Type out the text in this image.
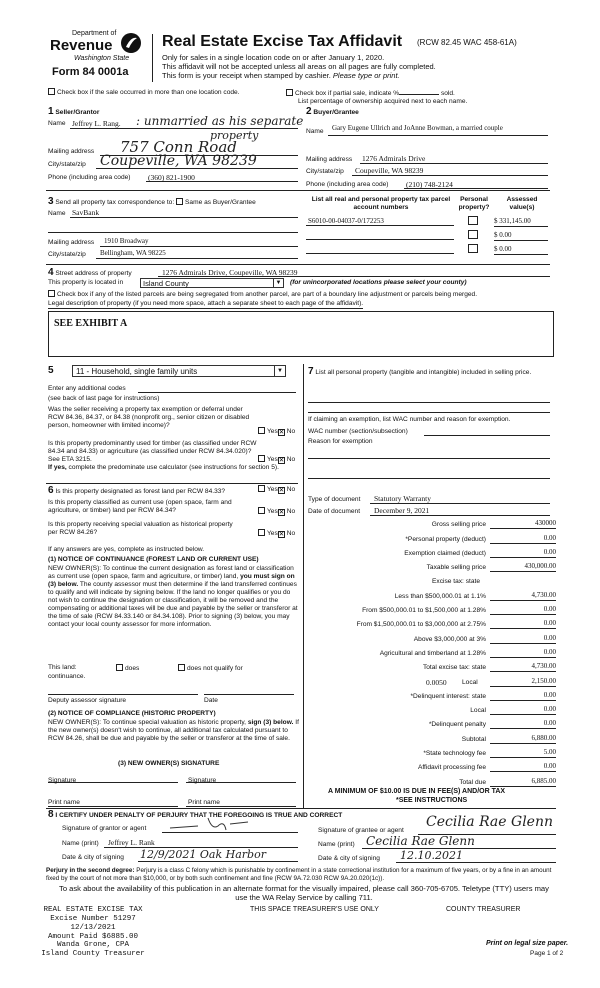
Department of
Revenue
Washington State
Form 84 0001a
Real Estate Excise Tax Affidavit (RCW 82.45 WAC 458-61A)
Only for sales in a single location code on or after January 1, 2020.
This affidavit will not be accepted unless all areas on all pages are fully completed.
This form is your receipt when stamped by cashier. Please type or print.
Check box if the sale occurred in more than one location code.	Check box if partial sale, indicate %	sold.
List percentage of ownership acquired next to each name.
1 Seller/Grantor
Name Jeffrey L. Rang. : unmarried as his separate
property
Mailing address 757 Conn Road
City/state/zip Coupeville, WA 98239
Phone (including area code) (360) 821-1900
2 Buyer/Grantee
Name Gary Eugene Ullrich and JoAnne Bowman, a married couple
Mailing address 1276 Admirals Drive
City/state/zip Coupeville, WA 98239
Phone (including area code) (210) 748-2124
3 Send all property tax correspondence to: Same as Buyer/Grantee
Name SavBank
Mailing address 1910 Broadway
City/state/zip Bellingham, WA 98225
List all real and personal property tax parcel account numbers
Personal property?
Assessed value(s)
S6010-00-04037-0/172253	$ 331,145.00
$ 0.00
$ 0.00
4 Street address of property	1276 Admirals Drive, Coupeville, WA 98239
This property is located in	Island County	▼ (for unincorporated locations please select your county)
Check box if any of the listed parcels are being segregated from another parcel, are part of a boundary line adjustment or parcels being merged.
Legal description of property (if you need more space, attach a separate sheet to each page of the affidavit).
SEE EXHIBIT A
5	11 - Household, single family units	▼
Enter any additional codes
(see back of last page for instructions)
Was the seller receiving a property tax exemption or deferral under RCW 84.36, 84.37, or 84.38 (nonprofit org., senior citizen or disabled person, homeowner with limited income)?
Yes✕ No
Is this property predominantly used for timber (as classified under RCW 84.34 and 84.33) or agriculture (as classified under RCW 84.34.020)? See ETA 3215.	Yes✕ No
If yes, complete the predominate use calculator (see instructions for section 5).
6 Is this property designated as forest land per RCW 84.33?	Yes✕ No
Is this property classified as current use (open space, farm and agriculture, or timber) land per RCW 84.34?	Yes✕ No
Is this property receiving special valuation as historical property per RCW 84.26?	Yes✕ No
If any answers are yes, complete as instructed below.
(1) NOTICE OF CONTINUANCE (FOREST LAND OR CURRENT USE)
NEW OWNER(S): To continue the current designation as forest land or classification as current use (open space, farm and agriculture, or timber) land, you must sign on (3) below. The county assessor must then determine if the land transferred continues to qualify and will indicate by signing below. If the land no longer qualifies or you do not wish to continue the designation or classification, it will be removed and the compensating or additional taxes will be due and payable by the seller or transferor at the time of sale (RCW 84.33.140 or 84.34.108). Prior to signing (3) below, you may contact your local county assessor for more information.
This land:	does	does not qualify for
continuance.
Deputy assessor signature	Date
(2) NOTICE OF COMPLIANCE (HISTORIC PROPERTY)
NEW OWNER(S): To continue special valuation as historic property, sign (3) below. If the new owner(s) doesn't wish to continue, all additional tax calculated pursuant to RCW 84.26, shall be due and payable by the seller or transferor at the time of sale.
(3) NEW OWNER(S) SIGNATURE
Signature	Signature
Print name	Print name
7 List all personal property (tangible and intangible) included in selling price.
If claiming an exemption, list WAC number and reason for exemption.
WAC number (section/subsection)
Reason for exemption
Type of document Statutory Warranty
Date of document December 9, 2021
Gross selling price	430000
*Personal property (deduct)	0.00
Exemption claimed (deduct)	0.00
Taxable selling price	430,000.00
Excise tax: state
Less than $500,000.01 at 1.1%	4,730.00
From $500,000.01 to $1,500,000 at 1.28%	0.00
From $1,500,000.01 to $3,000,000 at 2.75%	0.00
Above $3,000,000 at 3%	0.00
Agricultural and timberland at 1.28%	0.00
Total excise tax: state	4,730.00
0.0050 Local	2,150.00
*Delinquent interest: state	0.00
Local	0.00
*Delinquent penalty	0.00
Subtotal	6,880.00
*State technology fee	5.00
Affidavit processing fee	0.00
Total due	6,885.00
A MINIMUM OF $10.00 IS DUE IN FEE(S) AND/OR TAX
*SEE INSTRUCTIONS
8 I CERTIFY UNDER PENALTY OF PERJURY THAT THE FOREGOING IS TRUE AND CORRECT
Signature of grantor or agent
Name (print) Jeffrey L. Rank
Date & city of signing 12/9/2021 Oak Harbor
Signature of grantee or agent
Cecilia Rae Glenn
Name (print) Cecilia Rae Glenn
Date & city of signing 12.10.2021
Perjury in the second degree: Perjury is a class C felony which is punishable by confinement in a state correctional institution for a maximum of five years, or by a fine in an amount fixed by the court of not more than $10,000, or by both such confinement and fine (RCW 9A.72.030 RCW 9A.20.020(1c)).
To ask about the availability of this publication in an alternate format for the visually impaired, please call 360-705-6705. Teletype (TTY) users may use the WA Relay Service by calling 711.
REAL ESTATE EXCISE TAX
Excise Number 51297
12/13/2021
Amount Paid $6885.00
Wanda Grone, CPA
Island County Treasurer
THIS SPACE TREASURER'S USE ONLY	COUNTY TREASURER
Print on legal size paper.
Page 1 of 2
